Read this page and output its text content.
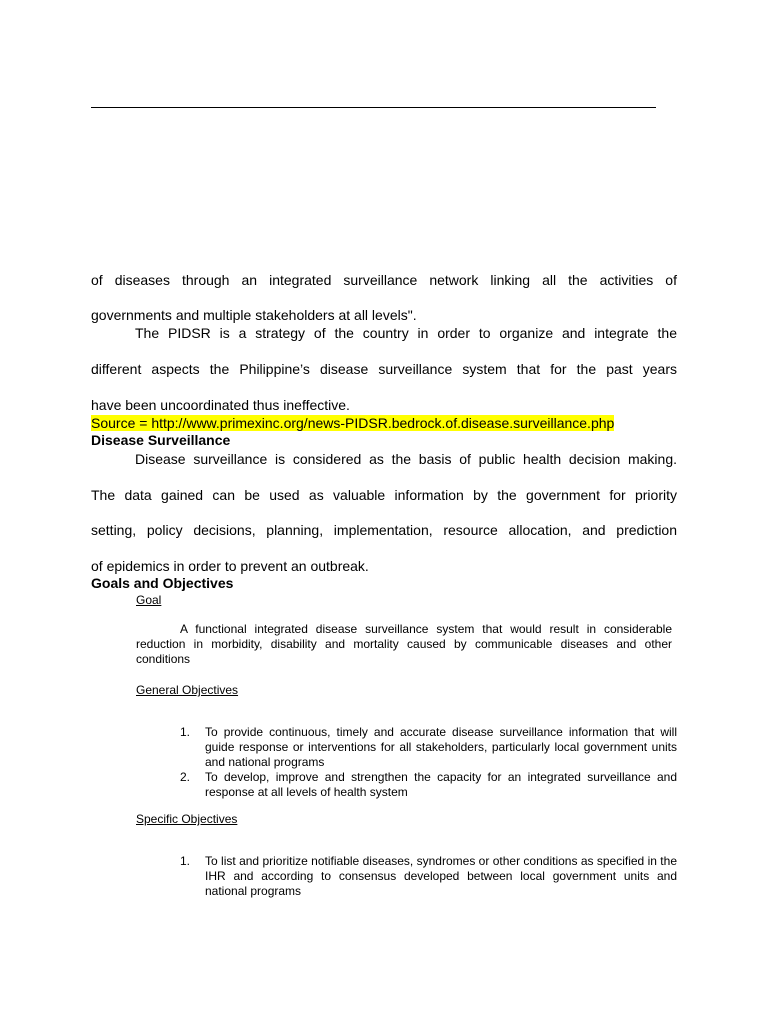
of diseases through an integrated surveillance network linking all the activities of
governments and multiple stakeholders at all levels".
The PIDSR is a strategy of the country in order to organize and integrate the
different aspects the Philippine’s disease surveillance system that for the past years
have been uncoordinated thus ineffective.
Source = http://www.primexinc.org/news-PIDSR.bedrock.of.disease.surveillance.php
Disease Surveillance
Disease surveillance is considered as the basis of public health decision making.
The data gained can be used as valuable information by the government for priority
setting, policy decisions, planning, implementation, resource allocation, and prediction
of epidemics in order to prevent an outbreak.
Goals and Objectives
Goal
A functional integrated disease surveillance system that would result in considerable reduction in morbidity, disability and mortality caused by communicable diseases and other conditions
General Objectives
1. To provide continuous, timely and accurate disease surveillance information that will guide response or interventions for all stakeholders, particularly local government units and national programs
2. To develop, improve and strengthen the capacity for an integrated surveillance and response at all levels of health system
Specific Objectives
1. To list and prioritize notifiable diseases, syndromes or other conditions as specified in the IHR and according to consensus developed between local government units and national programs
